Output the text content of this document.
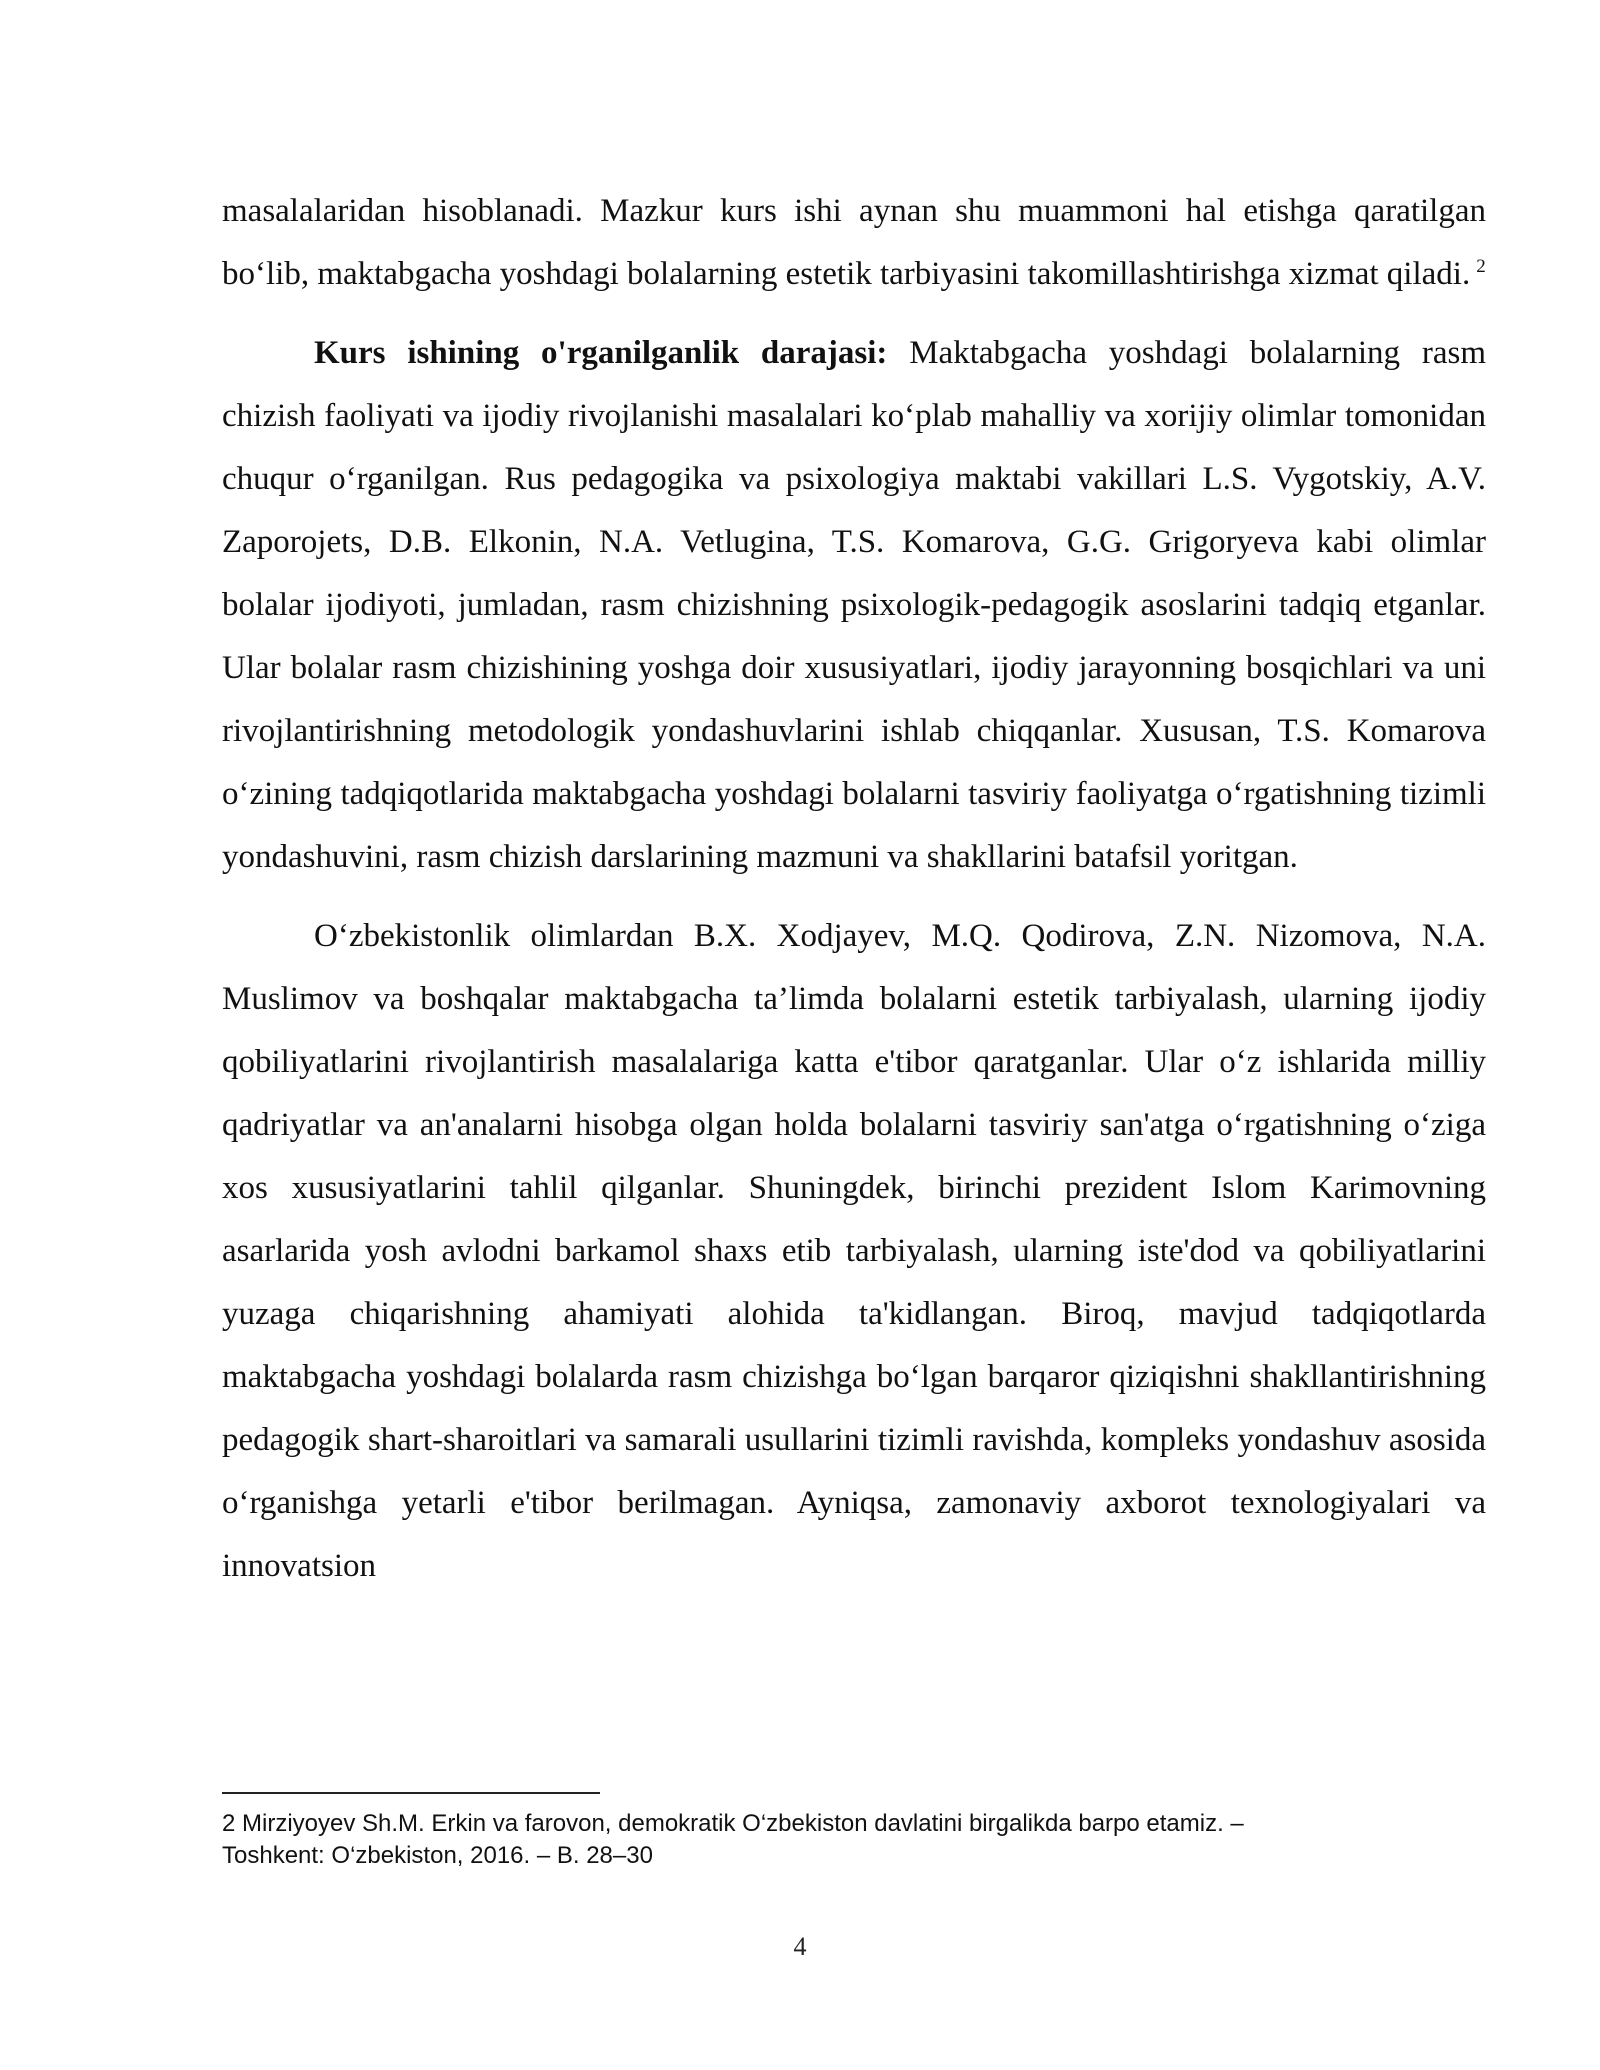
masalalaridan hisoblanadi. Mazkur kurs ishi aynan shu muammoni hal etishga qaratilgan bo‘lib, maktabgacha yoshdagi bolalarning estetik tarbiyasini takomillashtirishga xizmat qiladi. $^2$

Kurs ishining o'rganilganlik darajasi: Maktabgacha yoshdagi bolalarning rasm chizish faoliyati va ijodiy rivojlanishi masalalari ko‘plab mahalliy va xorijiy olimlar tomonidan chuqur o‘rganilgan. Rus pedagogika va psixologiya maktabi vakillari L.S. Vygotskiy, A.V. Zaporojets, D.B. Elkonin, N.A. Vetlugina, T.S. Komarova, G.G. Grigoryeva kabi olimlar bolalar ijodiyoti, jumladan, rasm chizishning psixologik-pedagogik asoslarini tadqiq etganlar. Ular bolalar rasm chizishining yoshga doir xususiyatlari, ijodiy jarayonning bosqichlari va uni rivojlantirishning metodologik yondashuvlarini ishlab chiqqanlar. Xususan, T.S. Komarova o‘zining tadqiqotlarida maktabgacha yoshdagi bolalarni tasviriy faoliyatga o‘rgatishning tizimli yondashuvini, rasm chizish darslarining mazmuni va shakllarini batafsil yoritgan.

O‘zbekistonlik olimlardan B.X. Xodjayev, M.Q. Qodirova, Z.N. Nizomova, N.A. Muslimov va boshqalar maktabgacha ta’limda bolalarni estetik tarbiyalash, ularning ijodiy qobiliyatlarini rivojlantirish masalalariga katta e'tibor qaratganlar. Ular o‘z ishlarida milliy qadriyatlar va an'analarni hisobga olgan holda bolalarni tasviriy san'atga o‘rgatishning o‘ziga xos xususiyatlarini tahlil qilganlar. Shuningdek, birinchi prezident Islom Karimovning asarlarida yosh avlodni barkamol shaxs etib tarbiyalash, ularning iste'dod va qobiliyatlarini yuzaga chiqarishning ahamiyati alohida ta'kidlangan. Biroq, mavjud tadqiqotlarda maktabgacha yoshdagi bolalarda rasm chizishga bo‘lgan barqaror qiziqishni shakllantirishning pedagogik shart-sharoitlari va samarali usullarini tizimli ravishda, kompleks yondashuv asosida o‘rganishga yetarli e'tibor berilmagan. Ayniqsa, zamonaviy axborot texnologiyalari va innovatsion

2 Mirziyoyev Sh.M. Erkin va farovon, demokratik O‘zbekiston davlatini birgalikda barpo etamiz. –
Toshkent: O‘zbekiston, 2016. – B. 28–30
4
